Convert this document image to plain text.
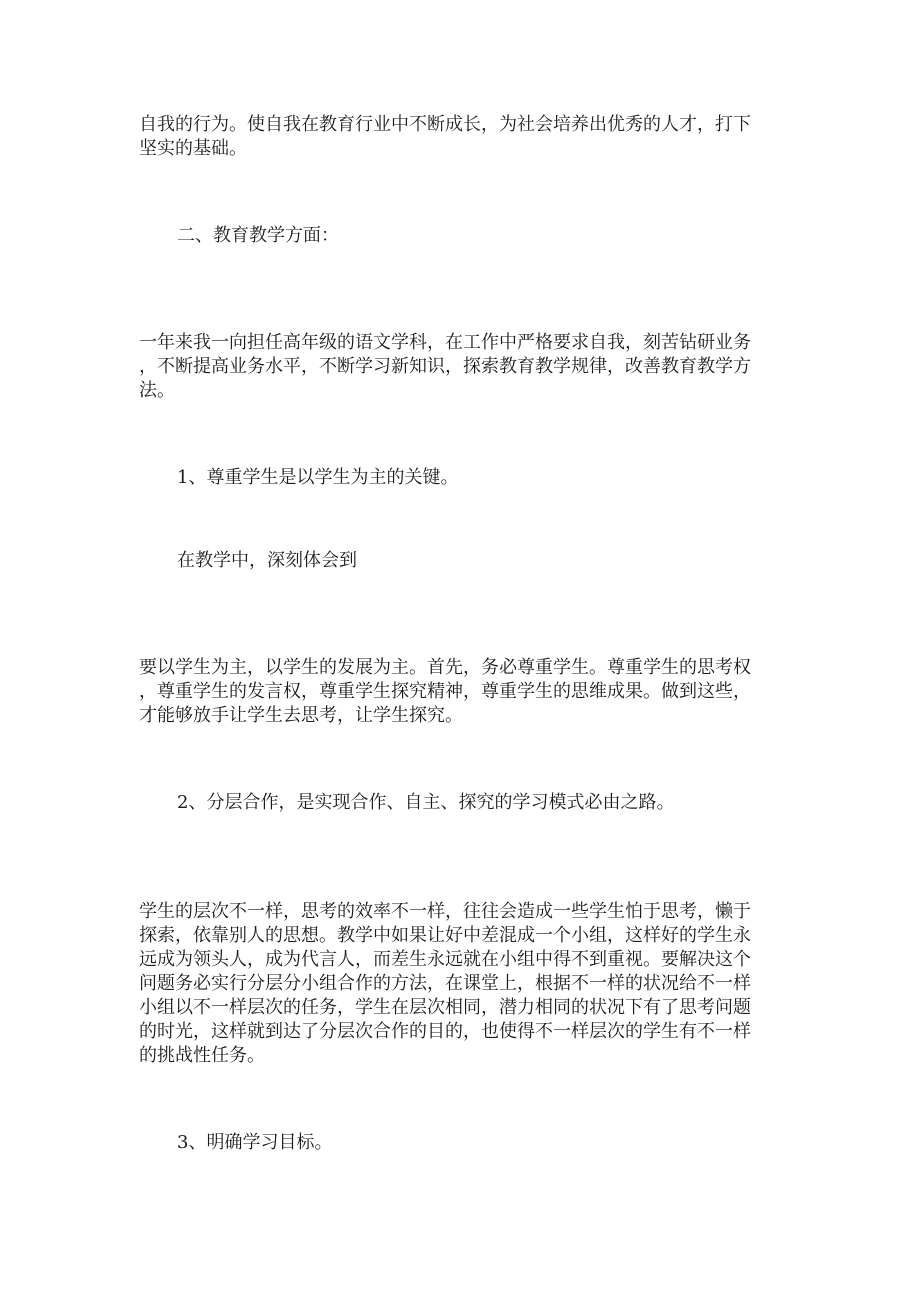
自我的行为。使自我在教育行业中不断成长，为社会培养出优秀的人才，打下

坚实的基础。

二、教育教学方面：

一年来我一向担任高年级的语文学科，在工作中严格要求自我，刻苦钻研业务

，不断提高业务水平，不断学习新知识，探索教育教学规律，改善教育教学方

法。

1、尊重学生是以学生为主的关键。

在教学中，深刻体会到

要以学生为主，以学生的发展为主。首先，务必尊重学生。尊重学生的思考权

，尊重学生的发言权，尊重学生探究精神，尊重学生的思维成果。做到这些，

才能够放手让学生去思考，让学生探究。

2、分层合作，是实现合作、自主、探究的学习模式必由之路。

学生的层次不一样，思考的效率不一样，往往会造成一些学生怕于思考，懒于

探索，依靠别人的思想。教学中如果让好中差混成一个小组，这样好的学生永

远成为领头人，成为代言人，而差生永远就在小组中得不到重视。要解决这个

问题务必实行分层分小组合作的方法，在课堂上，根据不一样的状况给不一样

小组以不一样层次的任务，学生在层次相同，潜力相同的状况下有了思考问题

的时光，这样就到达了分层次合作的目的，也使得不一样层次的学生有不一样

的挑战性任务。

3、明确学习目标。
